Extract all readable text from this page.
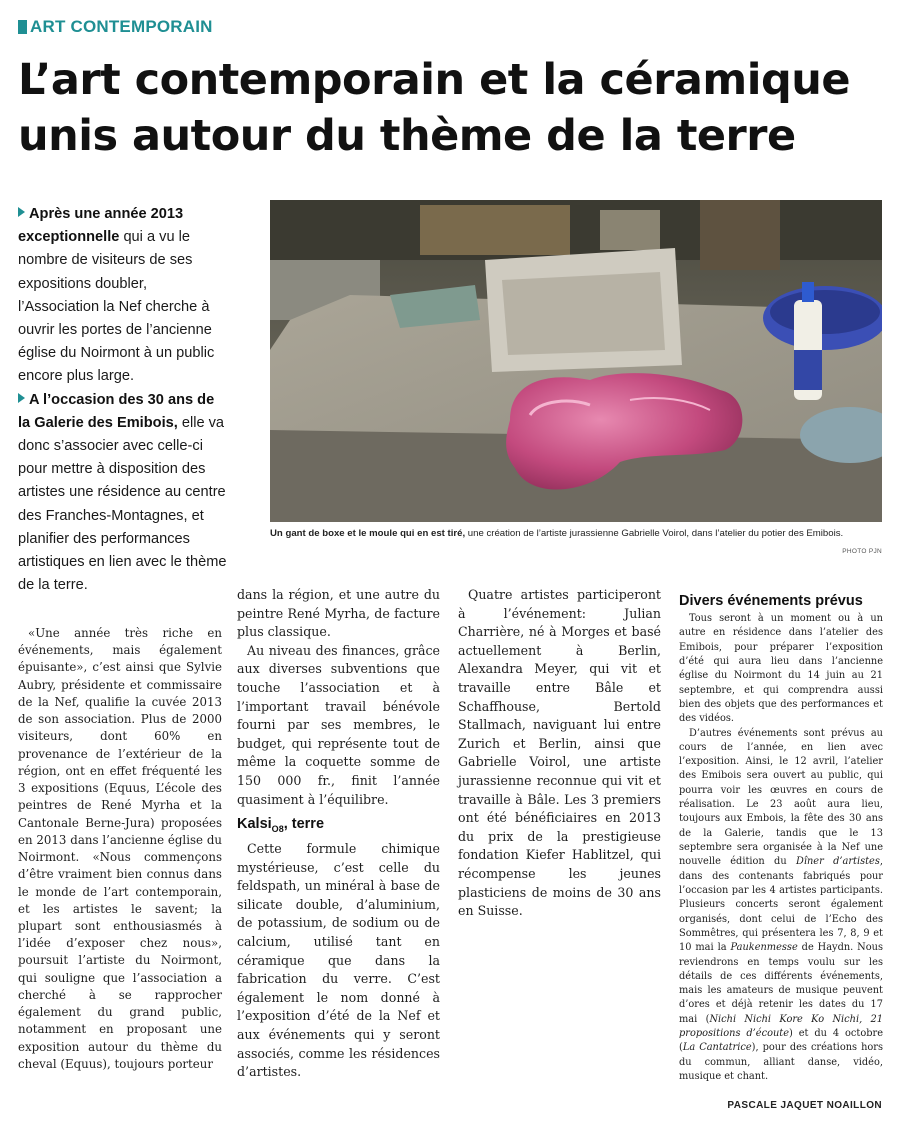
ART CONTEMPORAIN
L’art contemporain et la céramique
unis autour du thème de la terre

Après une année 2013 exceptionnelle qui a vu le nombre de visiteurs de ses expositions doubler, l’Association la Nef cherche à ouvrir les portes de l’ancienne église du Noirmont à un public encore plus large.

A l’occasion des 30 ans de la Galerie des Emibois, elle va donc s’associer avec celle-ci pour mettre à disposition des artistes une résidence au centre des Franches-Montagnes, et planifier des performances artistiques en lien avec le thème de la terre.

Un gant de boxe et le moule qui en est tiré, une création de l’artiste jurassienne Gabrielle Voirol, dans l’atelier du potier des Emibois.
PHOTO PJN

«Une année très riche en événements, mais également épuisante», c’est ainsi que Sylvie Aubry, présidente et commissaire de la Nef, qualifie la cuvée 2013 de son association. Plus de 2000 visiteurs, dont 60% en provenance de l’extérieur de la région, ont en effet fréquenté les 3 expositions (Equus, L’école des peintres de René Myrha et la Cantonale Berne-Jura) proposées en 2013 dans l’ancienne église du Noirmont. «Nous commençons d’être vraiment bien connus dans le monde de l’art contemporain, et les artistes le savent; la plupart sont enthousiasmés à l’idée d’exposer chez nous», poursuit l’artiste du Noirmont, qui souligne que l’association a cherché à se rapprocher également du grand public, notamment en proposant une exposition autour du thème du cheval (Equus), toujours porteur

dans la région, et une autre du peintre René Myrha, de facture plus classique.

Au niveau des finances, grâce aux diverses subventions que touche l’association et à l’important travail bénévole fourni par ses membres, le budget, qui représente tout de même la coquette somme de 150 000 fr., finit l’année quasiment à l’équilibre.

Kalsi$_{O8}$, terre

Cette formule chimique mystérieuse, c’est celle du feldspath, un minéral à base de silicate double, d’aluminium, de potassium, de sodium ou de calcium, utilisé tant en céramique que dans la fabrication du verre. C’est également le nom donné à l’exposition d’été de la Nef et aux événements qui y seront associés, comme les résidences d’artistes.

Quatre artistes participeront à l’événement: Julian Charrière, né à Morges et basé actuellement à Berlin, Alexandra Meyer, qui vit et travaille entre Bâle et Schaffhouse, Bertold Stallmach, naviguant lui entre Zurich et Berlin, ainsi que Gabrielle Voirol, une artiste jurassienne reconnue qui vit et travaille à Bâle. Les 3 premiers ont été bénéficiaires en 2013 du prix de la prestigieuse fondation Kiefer Hablitzel, qui récompense les jeunes plasticiens de moins de 30 ans en Suisse.

Divers événements prévus

Tous seront à un moment ou à un autre en résidence dans l’atelier des Emibois, pour préparer l’exposition d’été qui aura lieu dans l’ancienne église du Noirmont du 14 juin au 21 septembre, et qui comprendra aussi bien des objets que des performances et des vidéos.

D’autres événements sont prévus au cours de l’année, en lien avec l’exposition. Ainsi, le 12 avril, l’atelier des Emibois sera ouvert au public, qui pourra voir les œuvres en cours de réalisation. Le 23 août aura lieu, toujours aux Embois, la fête des 30 ans de la Galerie, tandis que le 13 septembre sera organisée à la Nef une nouvelle édition du Dîner d’artistes, dans des contenants fabriqués pour l’occasion par les 4 artistes participants. Plusieurs concerts seront également organisés, dont celui de l’Echo des Sommêtres, qui présentera les 7, 8, 9 et 10 mai la Paukenmesse de Haydn. Nous reviendrons en temps voulu sur les détails de ces différents événements, mais les amateurs de musique peuvent d’ores et déjà retenir les dates du 17 mai (Nichi Nichi Kore Ko Nichi, 21 propositions d’écoute) et du 4 octobre (La Cantatrice), pour des créations hors du commun, alliant danse, vidéo, musique et chant.

PASCALE JAQUET NOAILLON
